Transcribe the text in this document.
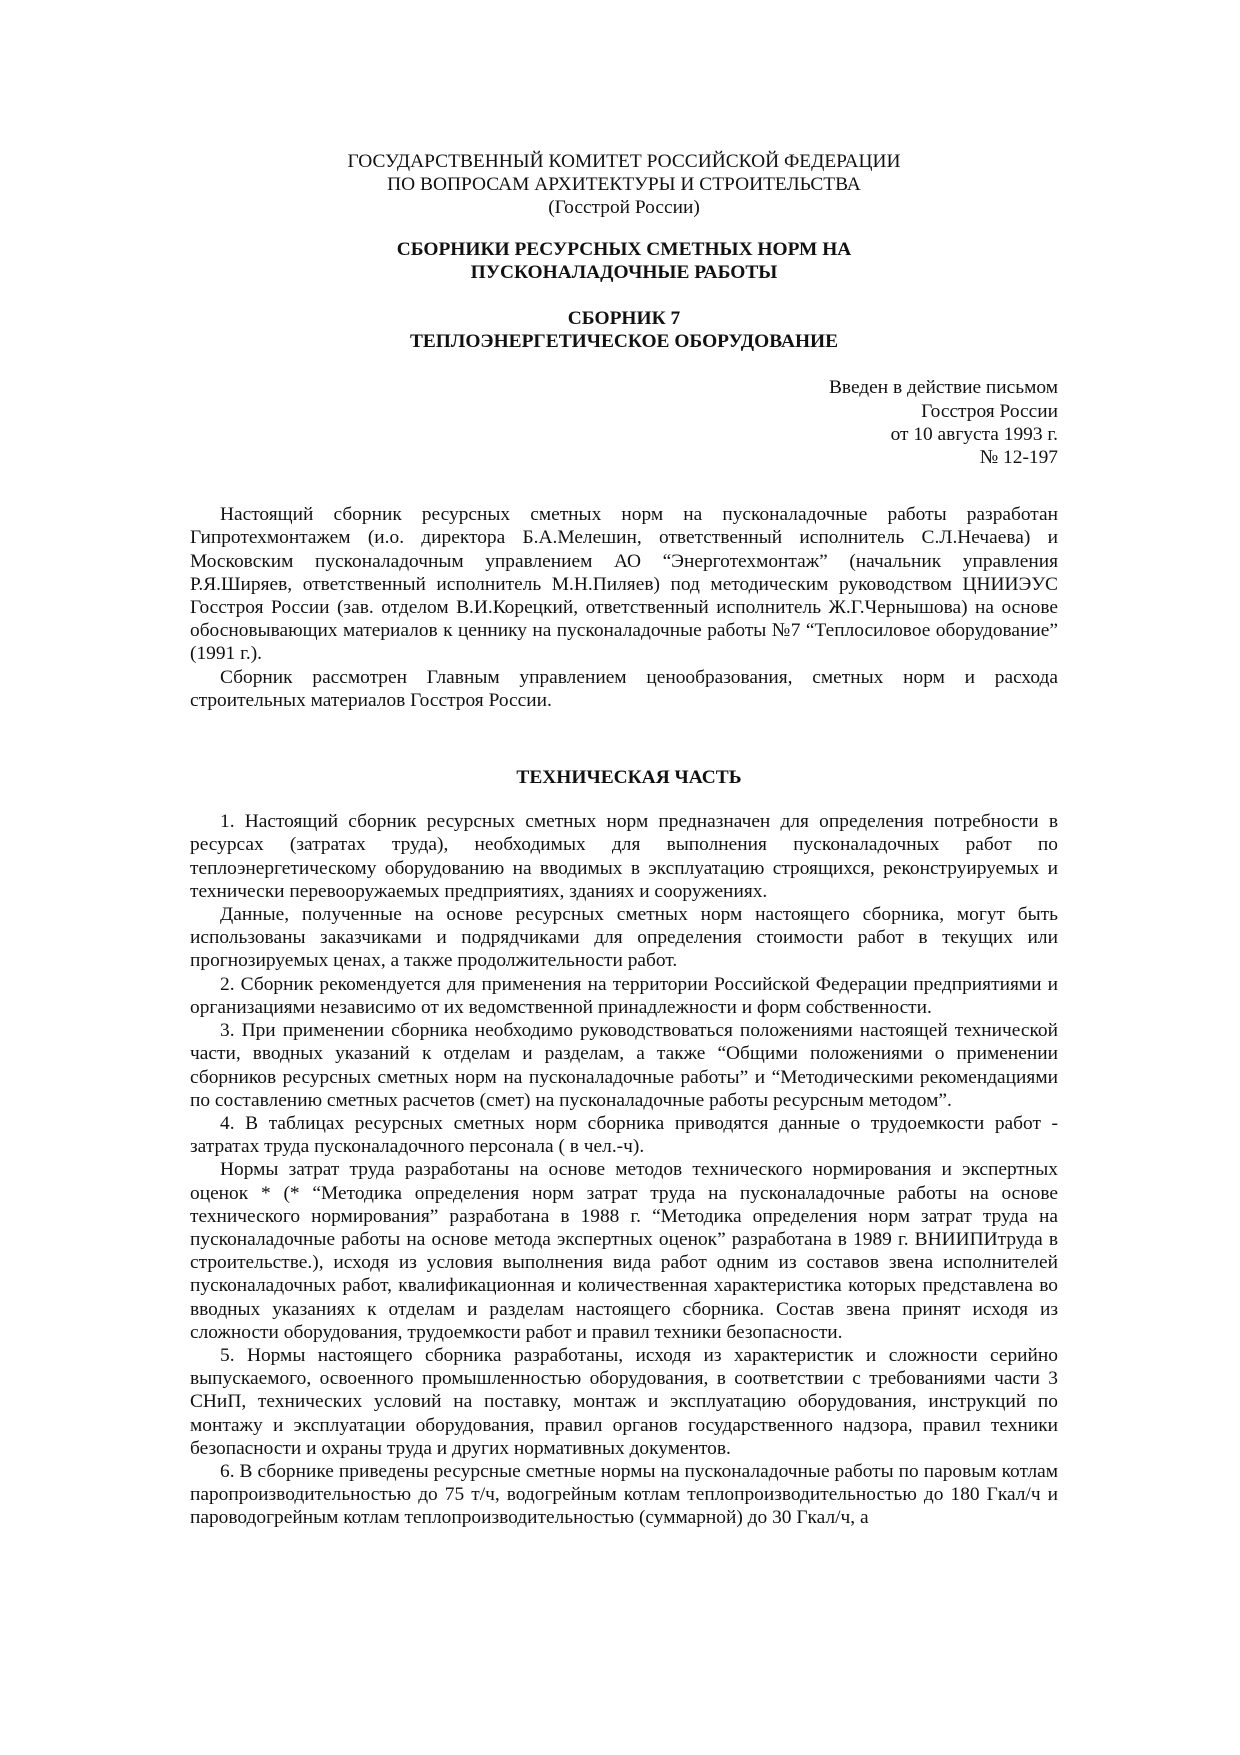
ГОСУДАРСТВЕННЫЙ КОМИТЕТ РОССИЙСКОЙ ФЕДЕРАЦИИ
ПО ВОПРОСАМ АРХИТЕКТУРЫ И СТРОИТЕЛЬСТВА
(Госстрой России)
СБОРНИКИ РЕСУРСНЫХ СМЕТНЫХ НОРМ НА
ПУСКОНАЛАДОЧНЫЕ РАБОТЫ
СБОРНИК 7
ТЕПЛОЭНЕРГЕТИЧЕСКОЕ ОБОРУДОВАНИЕ
Введен в действие письмом
Госстроя России
от 10 августа 1993 г.
№ 12-197

Настоящий сборник ресурсных сметных норм на пусконаладочные работы разработан Гипротехмонтажем (и.о. директора Б.А.Мелешин, ответственный исполнитель С.Л.Нечаева) и Московским пусконаладочным управлением АО “Энерготехмонтаж” (начальник управления Р.Я.Ширяев, ответственный исполнитель М.Н.Пиляев) под методическим руководством ЦНИИЭУС Госстроя России (зав. отделом В.И.Корецкий, ответственный исполнитель Ж.Г.Чернышова) на основе обосновывающих материалов к ценнику на пусконаладочные работы №7 “Теплосиловое оборудование” (1991 г.).

Сборник рассмотрен Главным управлением ценообразования, сметных норм и расхода строительных материалов Госстроя России.

ТЕХНИЧЕСКАЯ ЧАСТЬ

1. Настоящий сборник ресурсных сметных норм предназначен для определения потребности в ресурсах (затратах труда), необходимых для выполнения пусконаладочных работ по теплоэнергетическому оборудованию на вводимых в эксплуатацию строящихся, реконструируемых и технически перевооружаемых предприятиях, зданиях и сооружениях.

Данные, полученные на основе ресурсных сметных норм настоящего сборника, могут быть использованы заказчиками и подрядчиками для определения стоимости работ в текущих или прогнозируемых ценах, а также продолжительности работ.

2. Сборник рекомендуется для применения на территории Российской Федерации предприятиями и организациями независимо от их ведомственной принадлежности и форм собственности.

3. При применении сборника необходимо руководствоваться положениями настоящей технической части, вводных указаний к отделам и разделам, а также “Общими положениями о применении сборников ресурсных сметных норм на пусконаладочные работы” и “Методическими рекомендациями по составлению сметных расчетов (смет) на пусконаладочные работы ресурсным методом”.

4. В таблицах ресурсных сметных норм сборника приводятся данные о трудоемкости работ - затратах труда пусконаладочного персонала ( в чел.-ч).

Нормы затрат труда разработаны на основе методов технического нормирования и экспертных оценок * (* “Методика определения норм затрат труда на пусконаладочные работы на основе технического нормирования” разработана в 1988 г. “Методика определения норм затрат труда на пусконаладочные работы на основе метода экспертных оценок” разработана в 1989 г. ВНИИПИтруда в строительстве.), исходя из условия выполнения вида работ одним из составов звена исполнителей пусконаладочных работ, квалификационная и количественная характеристика которых представлена во вводных указаниях к отделам и разделам настоящего сборника. Состав звена принят исходя из сложности оборудования, трудоемкости работ и правил техники безопасности.

5. Нормы настоящего сборника разработаны, исходя из характеристик и сложности серийно выпускаемого, освоенного промышленностью оборудования, в соответствии с требованиями части 3 СНиП, технических условий на поставку, монтаж и эксплуатацию оборудования, инструкций по монтажу и эксплуатации оборудования, правил органов государственного надзора, правил техники безопасности и охраны труда и других нормативных документов.

6. В сборнике приведены ресурсные сметные нормы на пусконаладочные работы по паровым котлам паропроизводительностью до 75 т/ч, водогрейным котлам теплопроизводительностью до 180 Гкал/ч и пароводогрейным котлам теплопроизводительностью (суммарной) до 30 Гкал/ч, а
